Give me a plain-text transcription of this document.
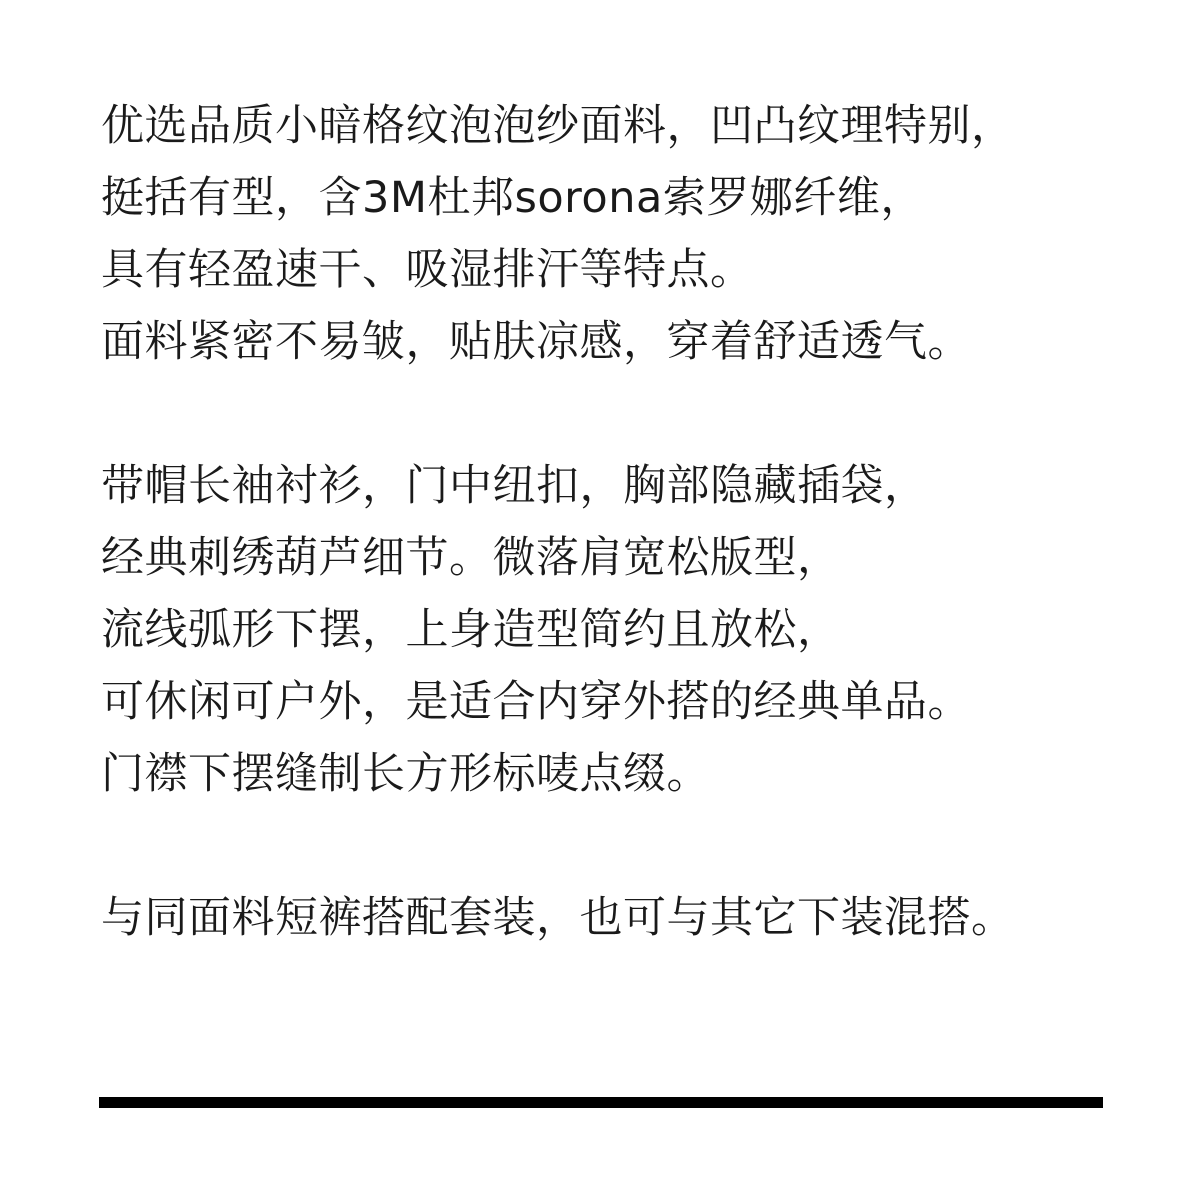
优选品质小暗格纹泡泡纱面料，凹凸纹理特别，
挺括有型，含3M杜邦sorona索罗娜纤维，
具有轻盈速干、吸湿排汗等特点。
面料紧密不易皱，贴肤凉感，穿着舒适透气。
带帽长袖衬衫，门中纽扣，胸部隐藏插袋，
经典刺绣葫芦细节。微落肩宽松版型，
流线弧形下摆，上身造型简约且放松，
可休闲可户外，是适合内穿外搭的经典单品。
门襟下摆缝制长方形标唛点缀。
与同面料短裤搭配套装，也可与其它下装混搭。
